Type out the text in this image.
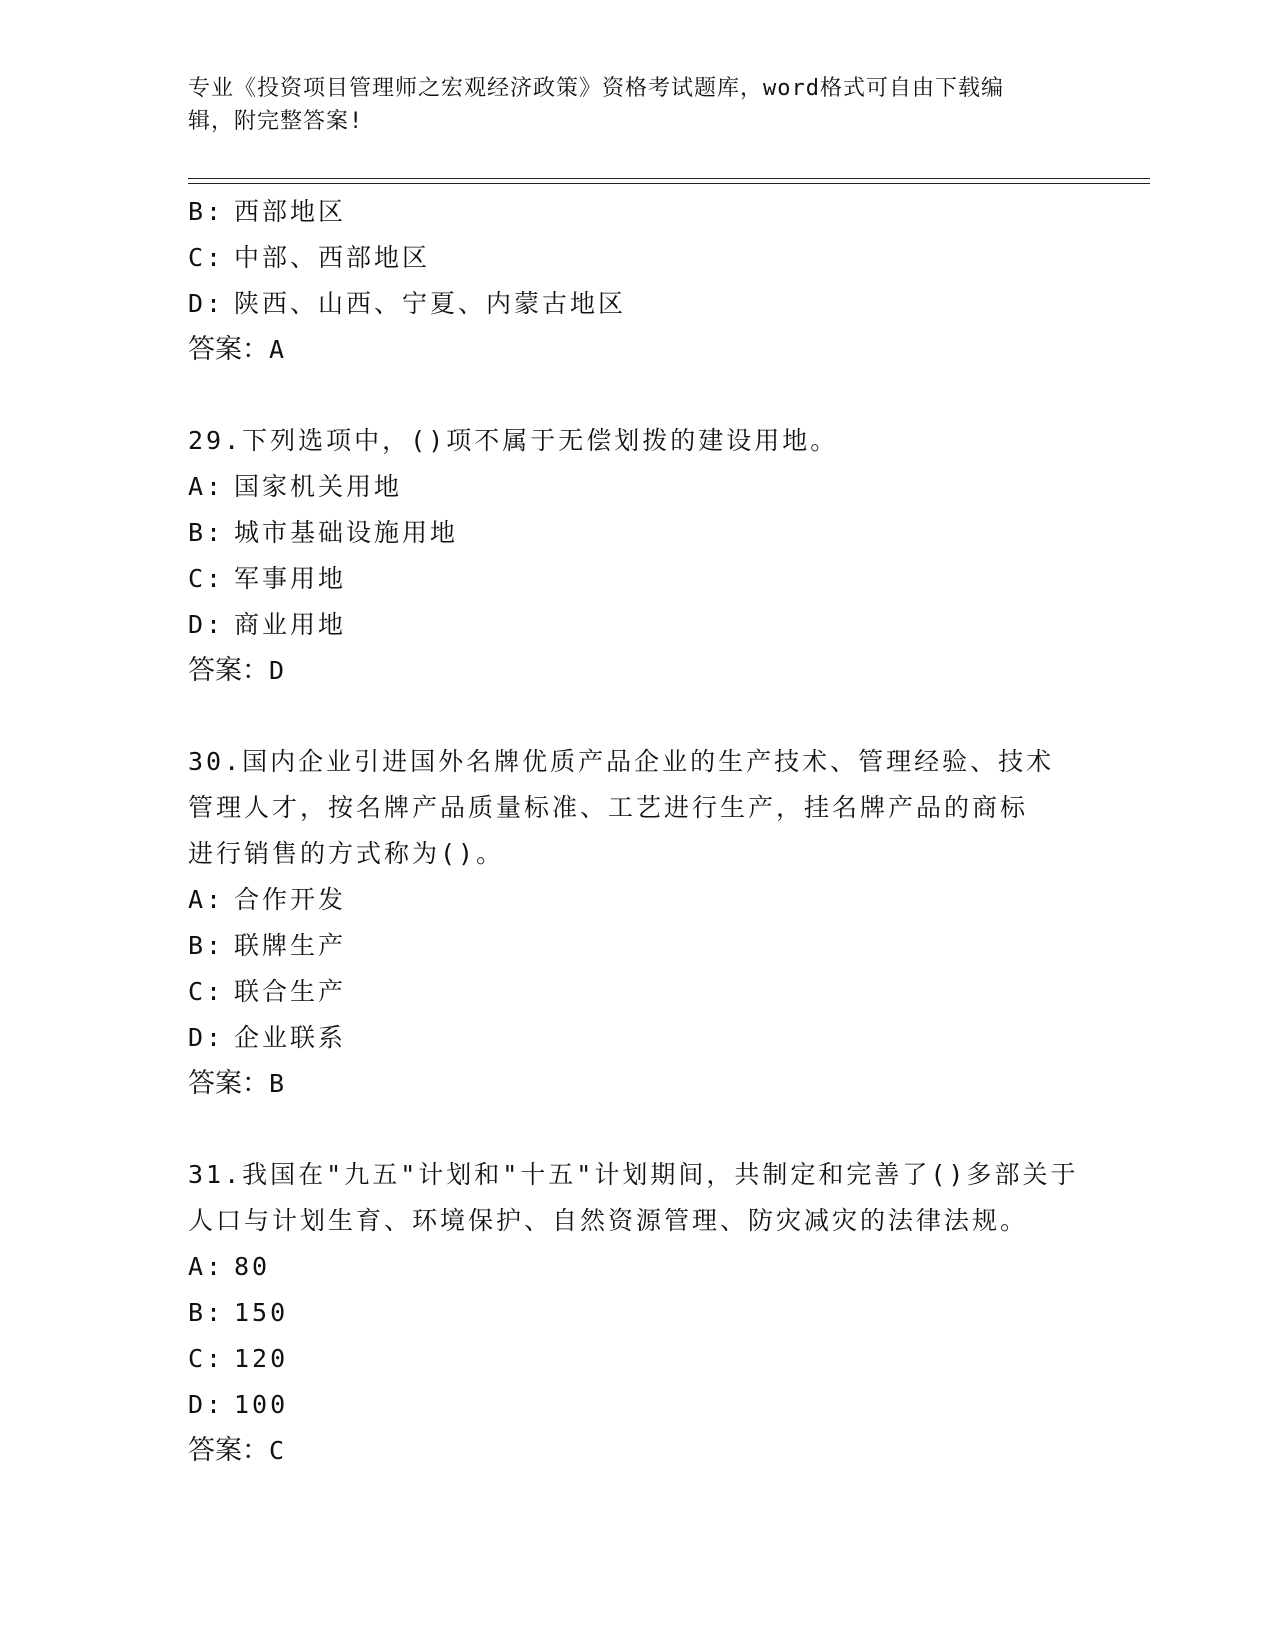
专业《投资项目管理师之宏观经济政策》资格考试题库，word格式可自由下载编
辑，附完整答案!
B: 西部地区
C: 中部、西部地区
D: 陕西、山西、宁夏、内蒙古地区
答案：A
29.下列选项中，()项不属于无偿划拨的建设用地。
A: 国家机关用地
B: 城市基础设施用地
C: 军事用地
D: 商业用地
答案：D
30.国内企业引进国外名牌优质产品企业的生产技术、管理经验、技术
管理人才，按名牌产品质量标准、工艺进行生产，挂名牌产品的商标
进行销售的方式称为()。
A: 合作开发
B: 联牌生产
C: 联合生产
D: 企业联系
答案：B
31.我国在"九五"计划和"十五"计划期间，共制定和完善了()多部关于
人口与计划生育、环境保护、自然资源管理、防灾减灾的法律法规。
A: 80
B: 150
C: 120
D: 100
答案：C
